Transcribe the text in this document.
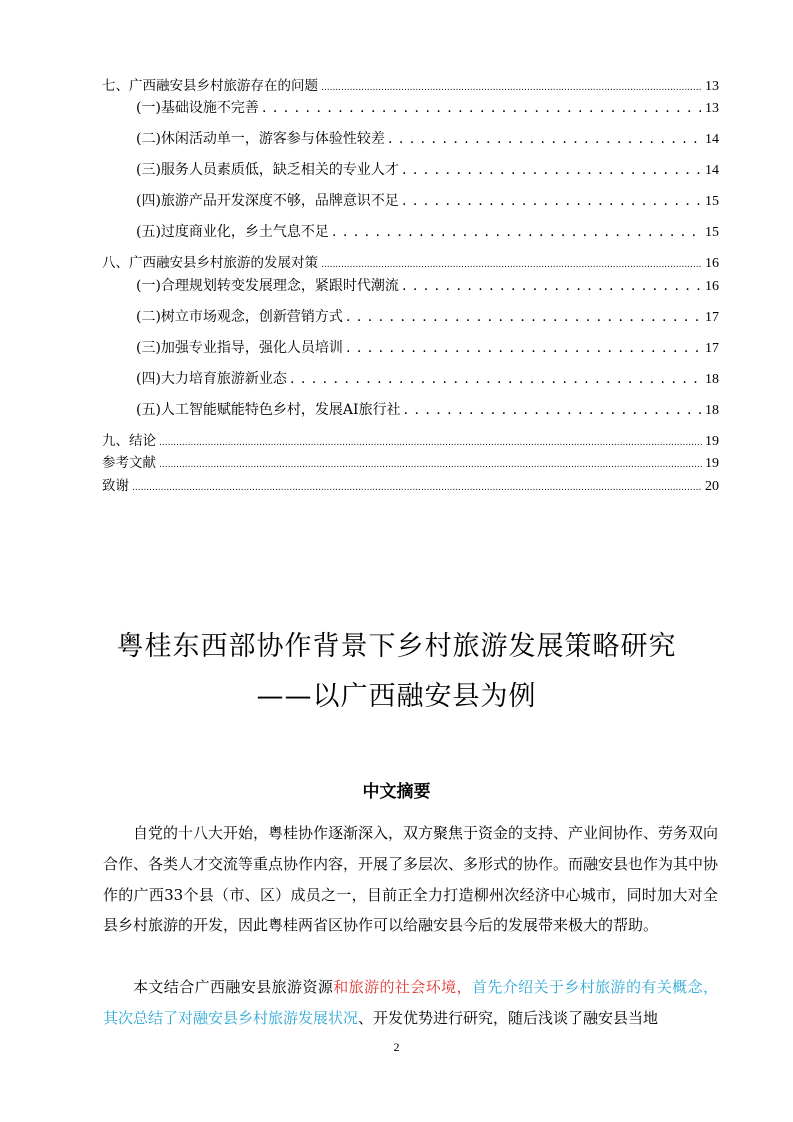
七、广西融安县乡村旅游存在的问题 .....	13
(一)基础设施不完善 . . .	13
(二)休闲活动单一，游客参与体验性较差 . . .	14
(三)服务人员素质低，缺乏相关的专业人才 . . .	14
(四)旅游产品开发深度不够，品牌意识不足 . . .	15
(五)过度商业化，乡土气息不足 . . .	15
八、广西融安县乡村旅游的发展对策 .....	16
(一)合理规划转变发展理念，紧跟时代潮流 . . .	16
(二)树立市场观念，创新营销方式 . . .	17
(三)加强专业指导，强化人员培训 . . .	17
(四)大力培育旅游新业态 . . .	18
(五)人工智能赋能特色乡村，发展AI旅行社 . . .	18
九、结论 .....	19
参考文献 .....	19
致谢 .....	20
粤桂东西部协作背景下乡村旅游发展策略研究
——以广西融安县为例
中文摘要

自党的十八大开始，粤桂协作逐渐深入，双方聚焦于资金的支持、产业间协作、劳务双向合作、各类人才交流等重点协作内容，开展了多层次、多形式的协作。而融安县也作为其中协作的广西33个县（市、区）成员之一，目前正全力打造柳州次经济中心城市，同时加大对全县乡村旅游的开发，因此粤桂两省区协作可以给融安县今后的发展带来极大的帮助。

本文结合广西融安县旅游资源和旅游的社会环境，首先介绍关于乡村旅游的有关概念，其次总结了对融安县乡村旅游发展状况、开发优势进行研究，随后浅谈了融安县当地

2
